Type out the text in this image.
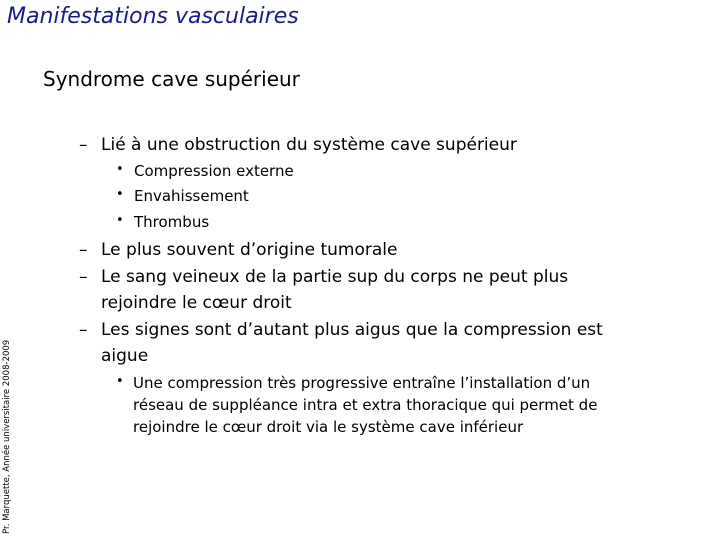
Manifestations vasculaires
Syndrome cave supérieur
Pr. Marquette, Année universitaire 2008-2009
– Lié à une obstruction du système cave supérieur
• Compression externe
• Envahissement
• Thrombus
– Le plus souvent d’origine tumorale
– Le sang veineux de la partie sup du corps ne peut plus
rejoindre le cœur droit
– Les signes sont d’autant plus aigus que la compression est
aigue
• Une compression très progressive entraîne l’installation d’un
réseau de suppléance intra et extra thoracique qui permet de
rejoindre le cœur droit via le système cave inférieur
